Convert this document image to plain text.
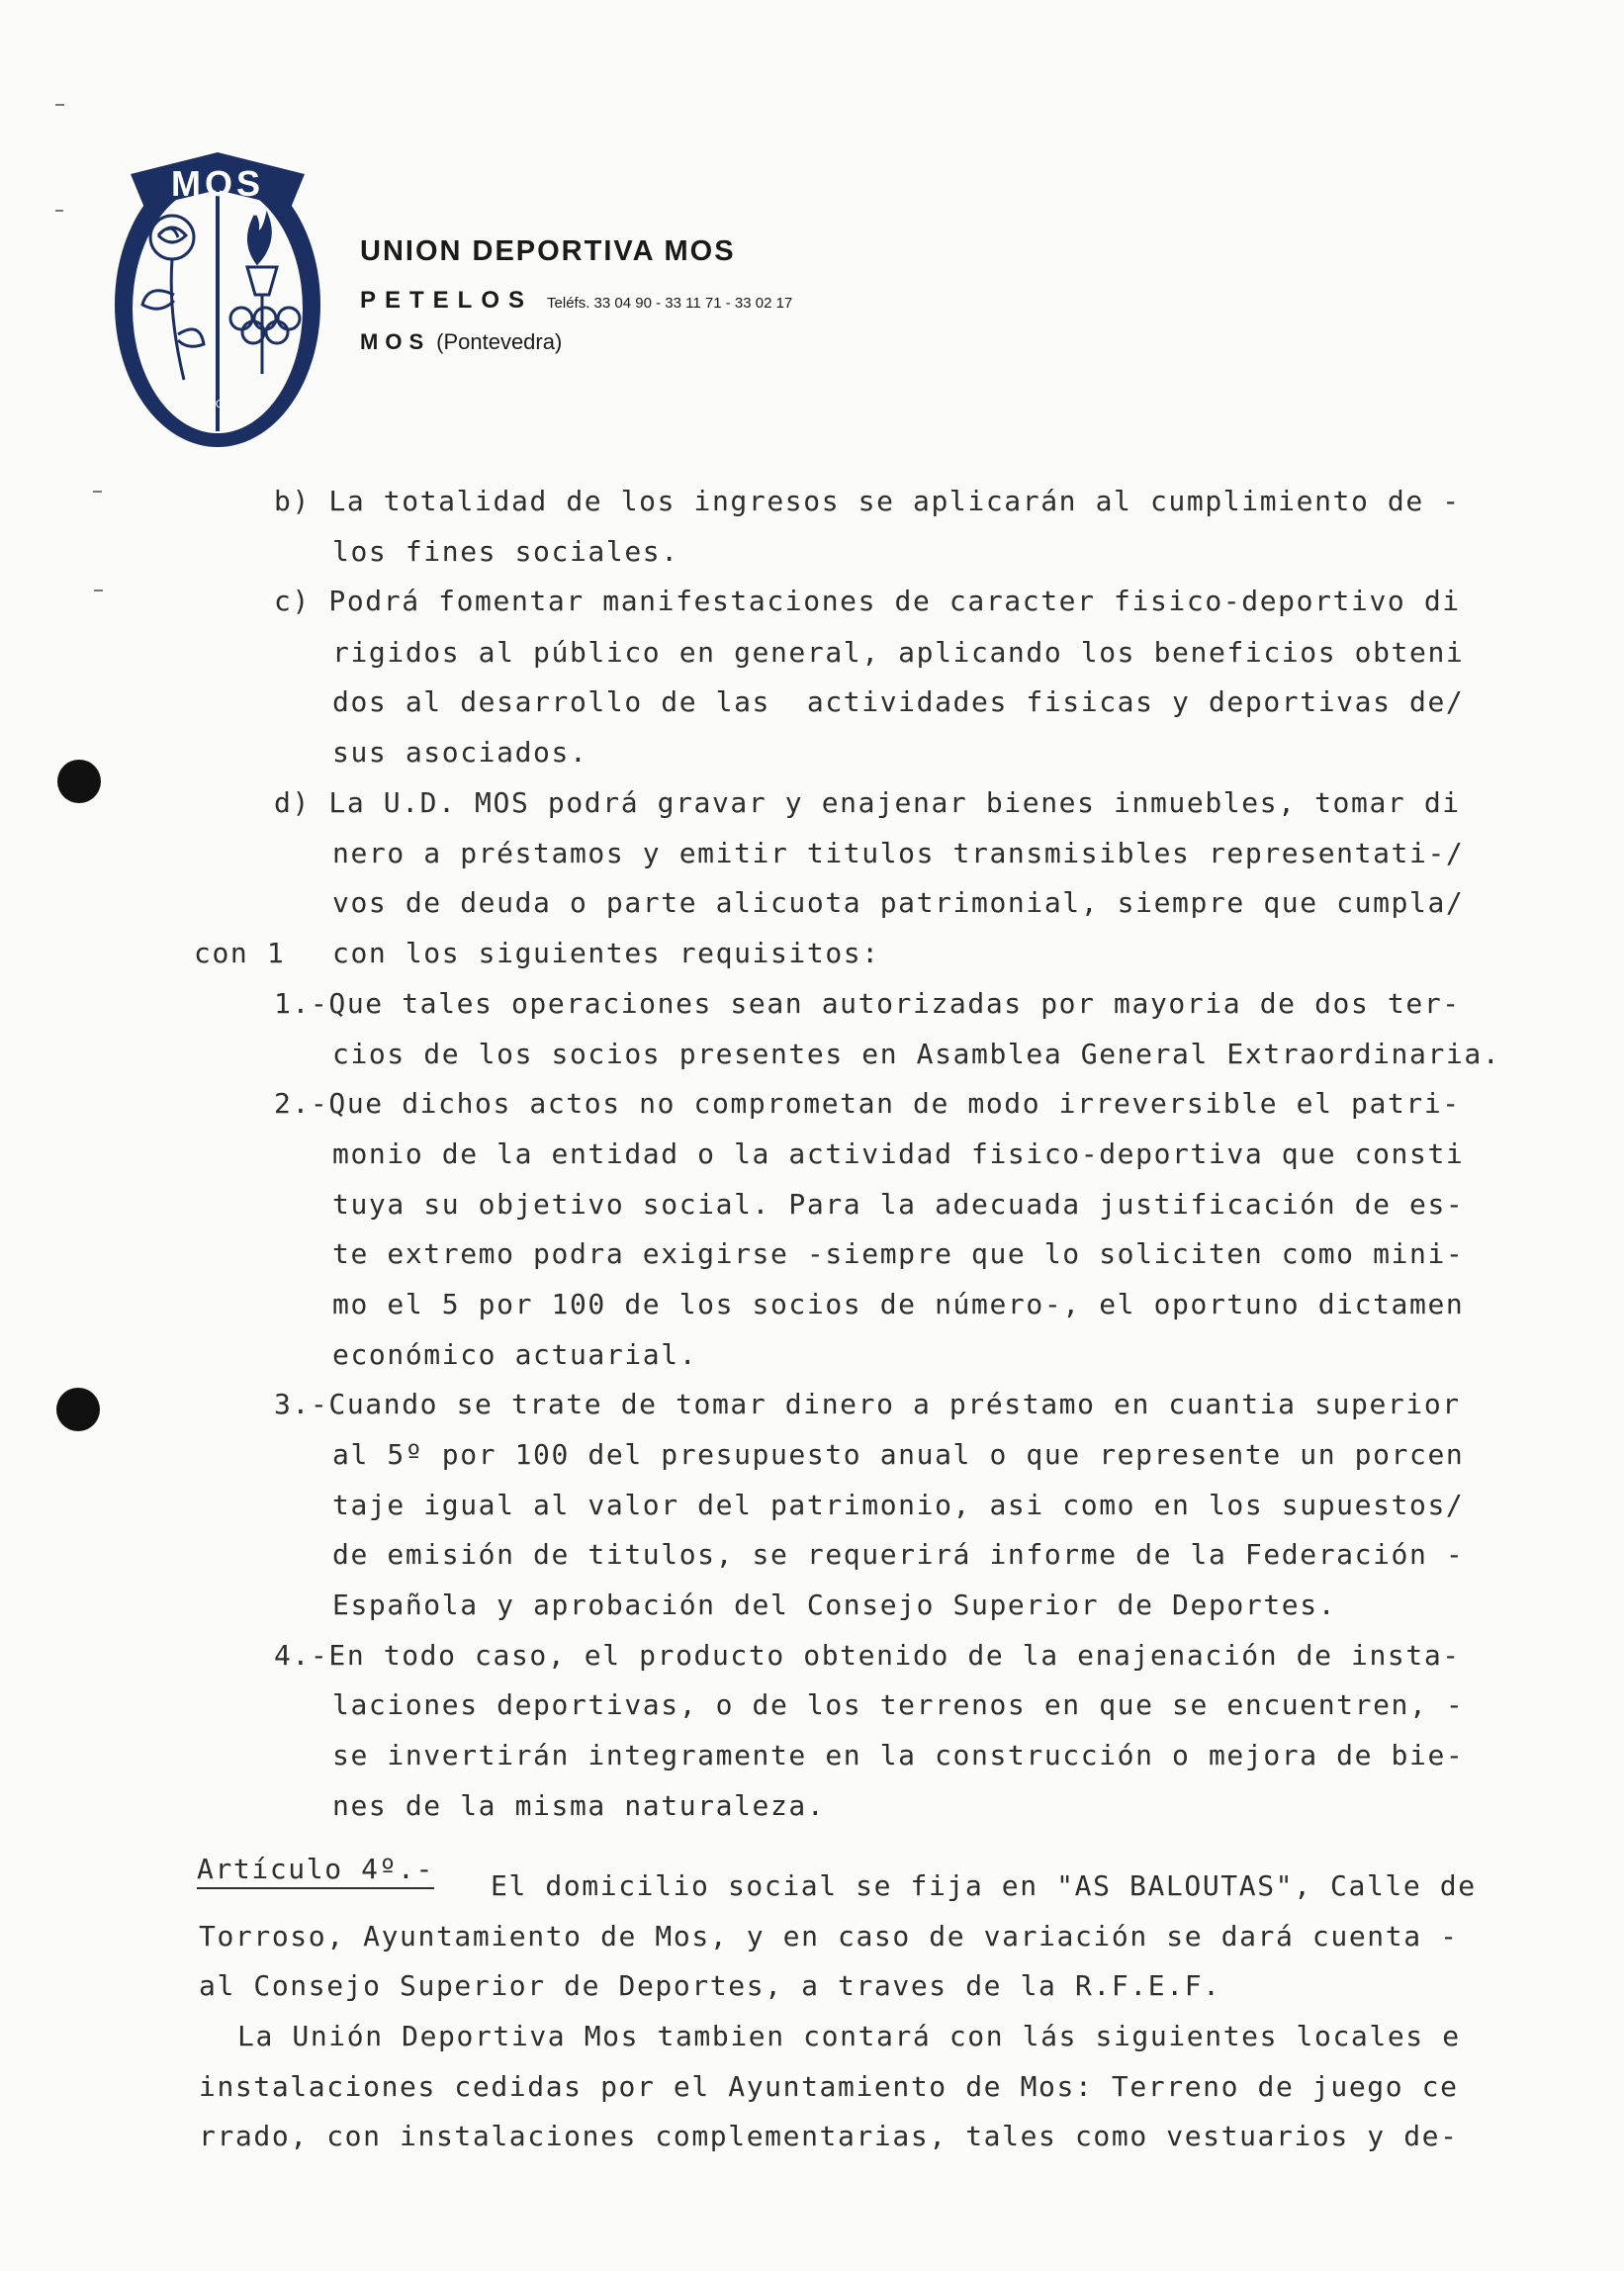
MOS
UNION DEPORTIVA
UNION DEPORTIVA MOS
PETELOS Teléfs. 33 04 90 - 33 11 71 - 33 02 17
MOS (Pontevedra)
b) La totalidad de los ingresos se aplicarán al cumplimiento de -
los fines sociales.
c) Podrá fomentar manifestaciones de caracter fisico-deportivo di
rigidos al público en general, aplicando los beneficios obteni
dos al desarrollo de las  actividades fisicas y deportivas de/
sus asociados.
d) La U.D. MOS podrá gravar y enajenar bienes inmuebles, tomar di
nero a préstamos y emitir titulos transmisibles representati-/
vos de deuda o parte alicuota patrimonial, siempre que cumpla/
con 1 con los siguientes requisitos:
1.-Que tales operaciones sean autorizadas por mayoria de dos ter-
cios de los socios presentes en Asamblea General Extraordinaria.
2.-Que dichos actos no comprometan de modo irreversible el patri-
monio de la entidad o la actividad fisico-deportiva que consti
tuya su objetivo social. Para la adecuada justificación de es-
te extremo podra exigirse -siempre que lo soliciten como mini-
mo el 5 por 100 de los socios de número-, el oportuno dictamen
económico actuarial.
3.-Cuando se trate de tomar dinero a préstamo en cuantia superior
al 5º por 100 del presupuesto anual o que represente un porcen
taje igual al valor del patrimonio, asi como en los supuestos/
de emisión de titulos, se requerirá informe de la Federación -
Española y aprobación del Consejo Superior de Deportes.
4.-En todo caso, el producto obtenido de la enajenación de insta-
laciones deportivas, o de los terrenos en que se encuentren, -
se invertirán integramente en la construcción o mejora de bie-
nes de la misma naturaleza.
Artículo 4º.-
El domicilio social se fija en "AS BALOUTAS", Calle de
Torroso, Ayuntamiento de Mos, y en caso de variación se dará cuenta -
al Consejo Superior de Deportes, a traves de la R.F.E.F.
La Unión Deportiva Mos tambien contará con lás siguientes locales e
instalaciones cedidas por el Ayuntamiento de Mos: Terreno de juego ce
rrado, con instalaciones complementarias, tales como vestuarios y de-
